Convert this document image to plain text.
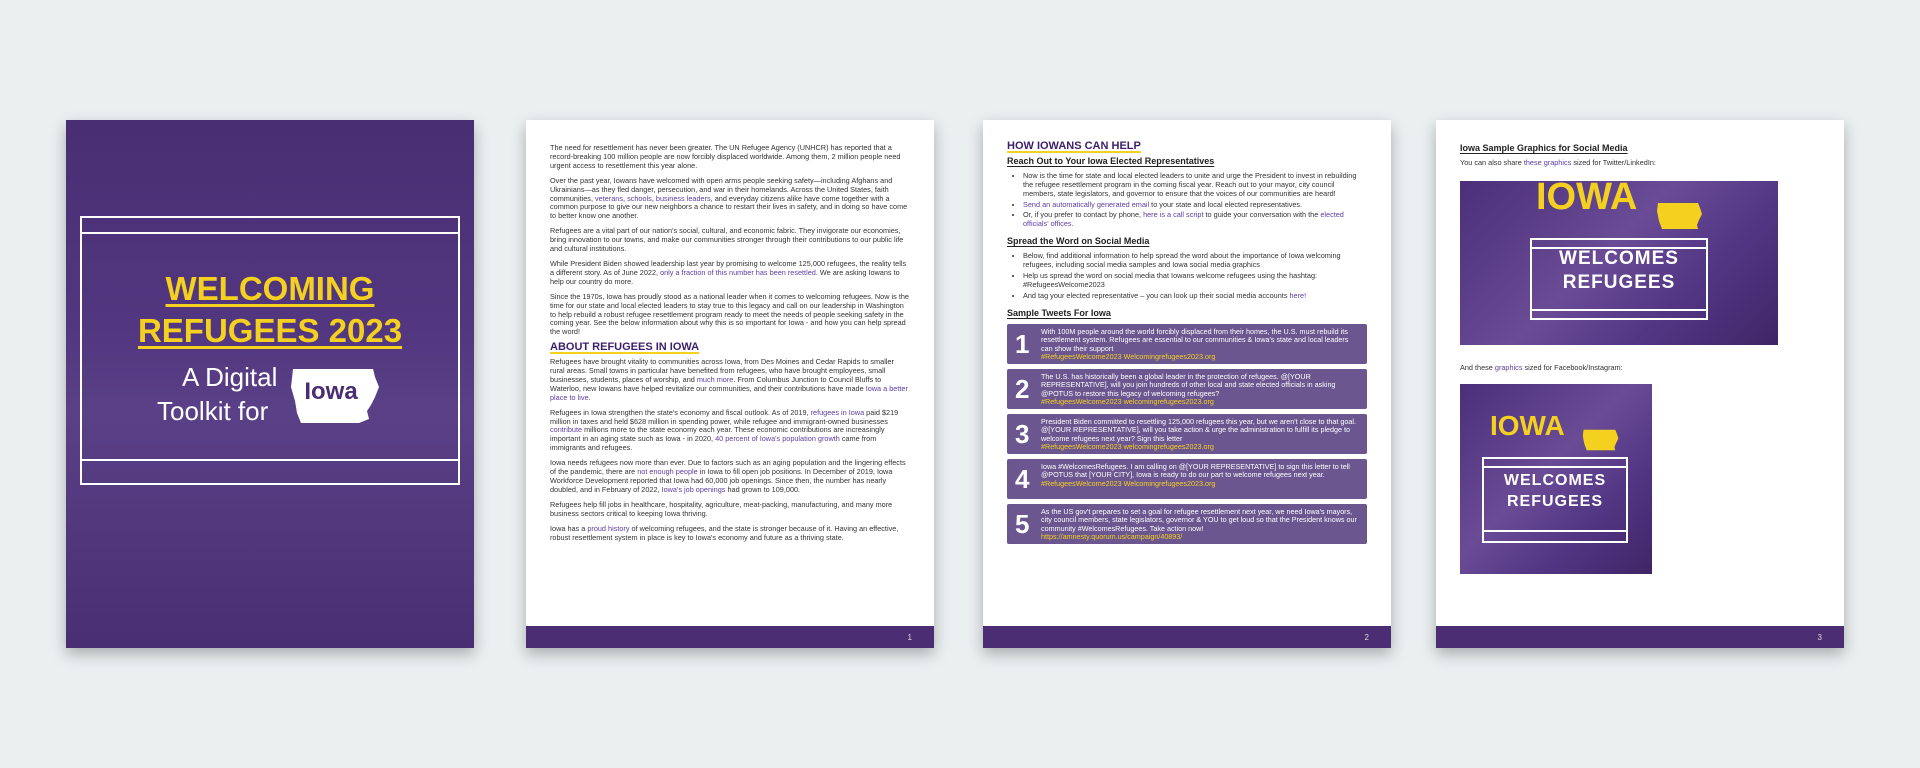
WELCOMING
REFUGEES 2023
A Digital
Toolkit for
Iowa

The need for resettlement has never been greater. The UN Refugee Agency (UNHCR) has reported that a record-breaking 100 million people are now forcibly displaced worldwide. Among them, 2 million people need urgent access to resettlement this year alone.

Over the past year, Iowans have welcomed with open arms people seeking safety—including Afghans and Ukrainians—as they fled danger, persecution, and war in their homelands. Across the United States, faith communities, veterans, schools, business leaders, and everyday citizens alike have come together with a common purpose to give our new neighbors a chance to restart their lives in safety, and in doing so have come to better know one another.

Refugees are a vital part of our nation's social, cultural, and economic fabric. They invigorate our economies, bring innovation to our towns, and make our communities stronger through their contributions to our public life and cultural institutions.

While President Biden showed leadership last year by promising to welcome 125,000 refugees, the reality tells a different story. As of June 2022, only a fraction of this number has been resettled. We are asking Iowans to help our country do more.

Since the 1970s, Iowa has proudly stood as a national leader when it comes to welcoming refugees. Now is the time for our state and local elected leaders to stay true to this legacy and call on our leadership in Washington to help rebuild a robust refugee resettlement program ready to meet the needs of people seeking safety in the coming year. See the below information about why this is so important for Iowa - and how you can help spread the word!

ABOUT REFUGEES IN IOWA

Refugees have brought vitality to communities across Iowa, from Des Moines and Cedar Rapids to smaller rural areas. Small towns in particular have benefited from refugees, who have brought employees, small businesses, students, places of worship, and much more. From Columbus Junction to Council Bluffs to Waterloo, new Iowans have helped revitalize our communities, and their contributions have made Iowa a better place to live.

Refugees in Iowa strengthen the state's economy and fiscal outlook. As of 2019, refugees in Iowa paid $219 million in taxes and held $628 million in spending power, while refugee and immigrant-owned businesses contribute millions more to the state economy each year. These economic contributions are increasingly important in an aging state such as Iowa - in 2020, 40 percent of Iowa's population growth came from immigrants and refugees.

Iowa needs refugees now more than ever. Due to factors such as an aging population and the lingering effects of the pandemic, there are not enough people in Iowa to fill open job positions. In December of 2019, Iowa Workforce Development reported that Iowa had 60,000 job openings. Since then, the number has nearly doubled, and in February of 2022, Iowa's job openings had grown to 109,000.

Refugees help fill jobs in healthcare, hospitality, agriculture, meat-packing, manufacturing, and many more business sectors critical to keeping Iowa thriving.

Iowa has a proud history of welcoming refugees, and the state is stronger because of it. Having an effective, robust resettlement system in place is key to Iowa's economy and future as a thriving state.

1
HOW IOWANS CAN HELP
Reach Out to Your Iowa Elected Representatives
• Now is the time for state and local elected leaders to unite and urge the President to invest in rebuilding the refugee resettlement program in the coming fiscal year. Reach out to your mayor, city council members, state legislators, and governor to ensure that the voices of our communities are heard!
• Send an automatically generated email to your state and local elected representatives.
• Or, if you prefer to contact by phone, here is a call script to guide your conversation with the elected officials' offices.
Spread the Word on Social Media
• Below, find additional information to help spread the word about the importance of Iowa welcoming refugees, including social media samples and Iowa social media graphics
• Help us spread the word on social media that Iowans welcome refugees using the hashtag: #RefugeesWelcome2023
• And tag your elected representative – you can look up their social media accounts here!
Sample Tweets For Iowa
1 With 100M people around the world forcibly displaced from their homes, the U.S. must rebuild its resettlement system. Refugees are essential to our communities & Iowa's state and local leaders can show their support
#RefugeesWelcome2023 Welcomingrefugees2023.org
2 The U.S. has historically been a global leader in the protection of refugees. @[YOUR REPRESENTATIVE], will you join hundreds of other local and state elected officials in asking @POTUS to restore this legacy of welcoming refugees?
#RefugeesWelcome2023 welcomingrefugees2023.org
3 President Biden committed to resettling 125,000 refugees this year, but we aren't close to that goal. @[YOUR REPRESENTATIVE], will you take action & urge the administration to fulfill its pledge to welcome refugees next year? Sign this letter
#RefugeesWelcome2023 welcomingrefugees2023.org
4 Iowa #WelcomesRefugees. I am calling on @[YOUR REPRESENTATIVE] to sign this letter to tell @POTUS that [YOUR CITY], Iowa is ready to do our part to welcome refugees next year.
#RefugeesWelcome2023 Welcomingrefugees2023.org
5 As the US gov't prepares to set a goal for refugee resettlement next year, we need Iowa's mayors, city council members, state legislators, governor & YOU to get loud so that the President knows our community #WelcomesRefugees. Take action now!
https://amnesty.quorum.us/campaign/40893/
2
Iowa Sample Graphics for Social Media

You can also share these graphics sized for Twitter/LinkedIn:

IOWA
WELCOMES
REFUGEES

And these graphics sized for Facebook/Instagram:

IOWA
WELCOMES
REFUGEES
3
